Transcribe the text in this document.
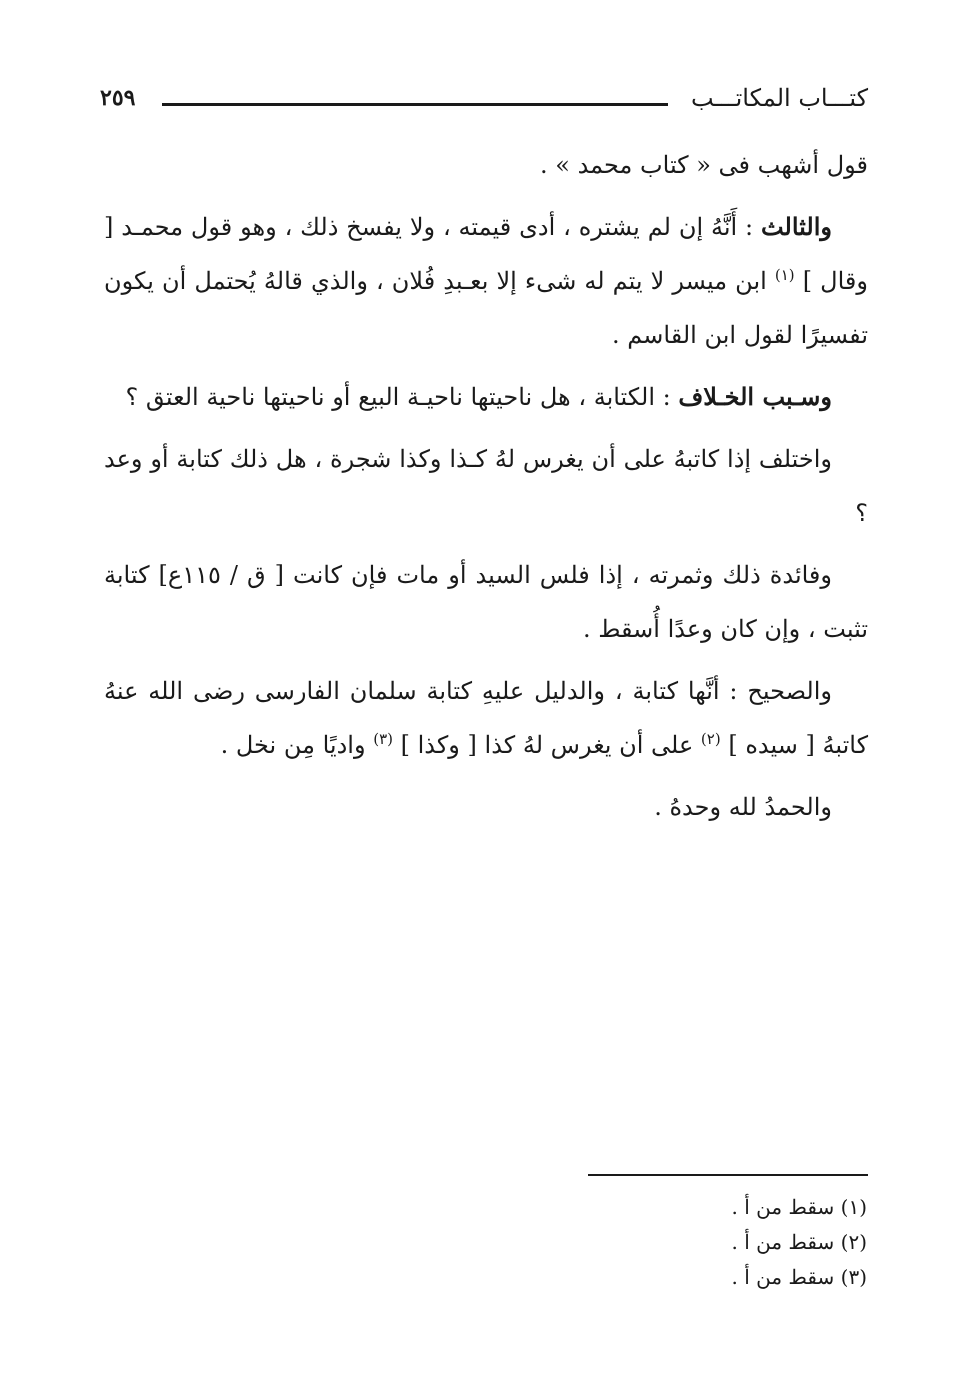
كتـــاب المكاتـــب
٢٥٩

قول أشهب فى « كتاب محمد » .

والثالث : أَنَّهُ إن لم يشتره ، أدى قيمته ، ولا يفسخ ذلك ، وهو قول محمـد [ وقال ] $^{(١)}$ ابن ميسر لا يتم له شىء إلا بعـبدِ فُلان ، والذي قالهُ يُحتمل أن يكون تفسيرًا لقول ابن القاسم .

وسـبب الخـلاف : الكتابة ، هل ناحيتها ناحيـة البيع أو ناحيتها ناحية العتق ؟

واختلف إذا كاتبهُ على أن يغرس لهُ كـذا وكذا شجرة ، هل ذلك كتابة أو وعد ؟

وفائدة ذلك وثمرته ، إذا فلس السيد أو مات فإن كانت [ ق / ١١٥ع] كتابة تثبت ، وإن كان وعدًا أُسقط .

والصحيح : أنَّها كتابة ، والدليل عليهِ كتابة سلمان الفارسى رضى الله عنهُ كاتبهُ [ سيده ] $^{(٢)}$ على أن يغرس لهُ كذا [ وكذا ] $^{(٣)}$ واديًا مِن نخل .

والحمدُ لله وحدهُ .

(١) سقط من أ .
(٢) سقط من أ .
(٣) سقط من أ .
